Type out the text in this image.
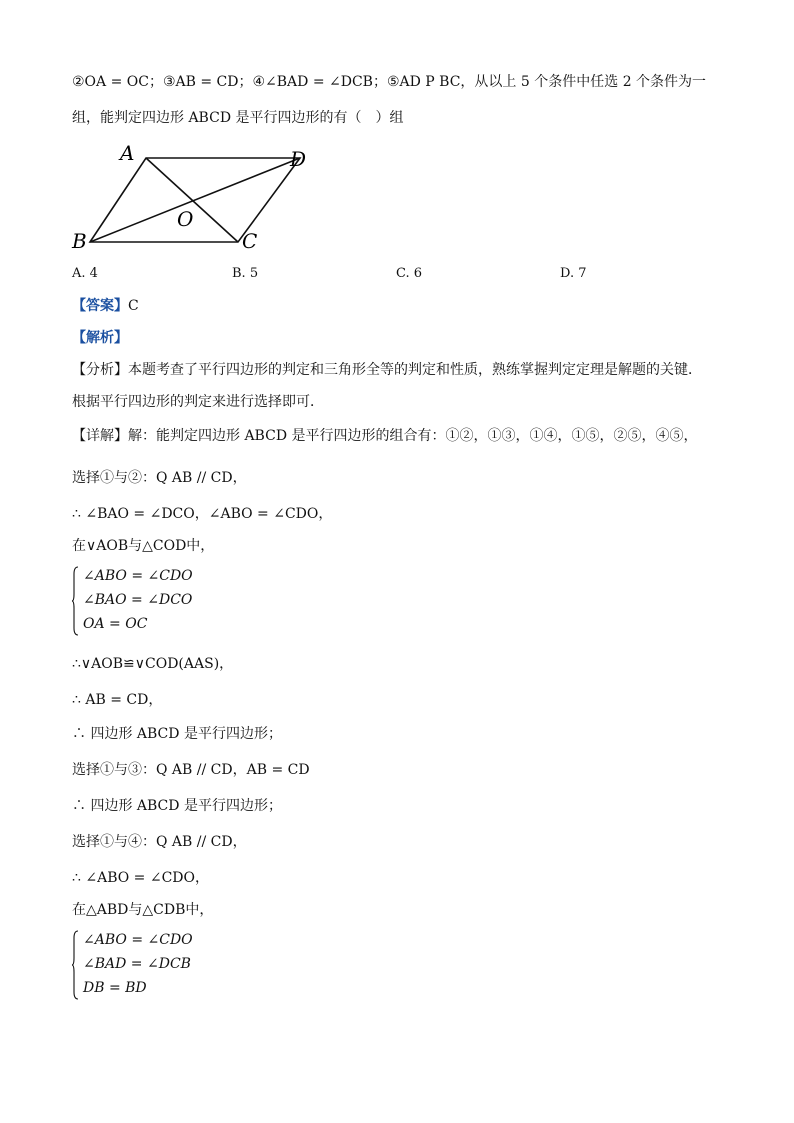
②OA = OC；③AB = CD；④∠BAD = ∠DCB；⑤AD P BC，从以上 5 个条件中任选 2 个条件为一
组，能判定四边形 ABCD 是平行四边形的有（　）组
A	D
B	C
O
A. 4	B. 5	C. 6	D. 7
【答案】C
【解析】
【分析】本题考查了平行四边形的判定和三角形全等的判定和性质，熟练掌握判定定理是解题的关键．
根据平行四边形的判定来进行选择即可．
【详解】解：能判定四边形 ABCD 是平行四边形的组合有：①②，①③，①④，①⑤，②⑤，④⑤，
选择①与②：Q AB // CD，
∴ ∠BAO = ∠DCO，∠ABO = ∠CDO，
在∨AOB与△COD中，
∠ABO = ∠CDO
∠BAO = ∠DCO
OA = OC
∴∨AOB≌∨COD(AAS)，
∴ AB = CD，
∴ 四边形 ABCD 是平行四边形；
选择①与③：Q AB // CD，AB = CD
∴ 四边形 ABCD 是平行四边形；
选择①与④：Q AB // CD，
∴ ∠ABO = ∠CDO，
在△ABD与△CDB中，
∠ABO = ∠CDO
∠BAD = ∠DCB
DB = BD
